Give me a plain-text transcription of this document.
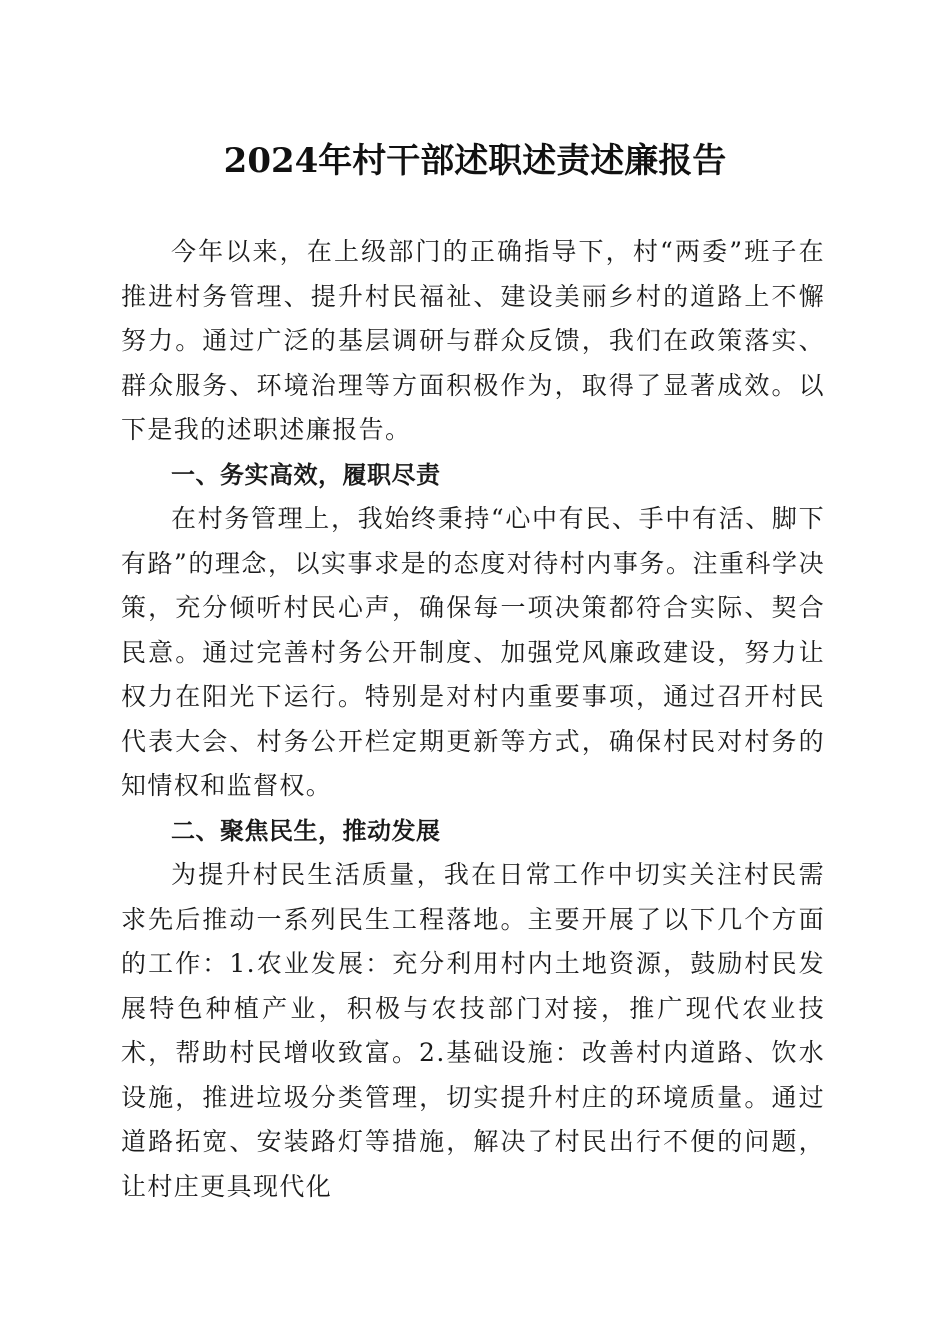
2024年村干部述职述责述廉报告

今年以来，在上级部门的正确指导下，村“两委”班子在推进村务管理、提升村民福祉、建设美丽乡村的道路上不懈努力。通过广泛的基层调研与群众反馈，我们在政策落实、群众服务、环境治理等方面积极作为，取得了显著成效。以下是我的述职述廉报告。

一、务实高效，履职尽责

在村务管理上，我始终秉持“心中有民、手中有活、脚下有路”的理念，以实事求是的态度对待村内事务。注重科学决策，充分倾听村民心声，确保每一项决策都符合实际、契合民意。通过完善村务公开制度、加强党风廉政建设，努力让权力在阳光下运行。特别是对村内重要事项，通过召开村民代表大会、村务公开栏定期更新等方式，确保村民对村务的知情权和监督权。

二、聚焦民生，推动发展

为提升村民生活质量，我在日常工作中切实关注村民需求先后推动一系列民生工程落地。主要开展了以下几个方面的工作：1.农业发展：充分利用村内土地资源，鼓励村民发展特色种植产业，积极与农技部门对接，推广现代农业技术，帮助村民增收致富。2.基础设施：改善村内道路、饮水设施，推进垃圾分类管理，切实提升村庄的环境质量。通过道路拓宽、安装路灯等措施，解决了村民出行不便的问题，让村庄更具现代化
